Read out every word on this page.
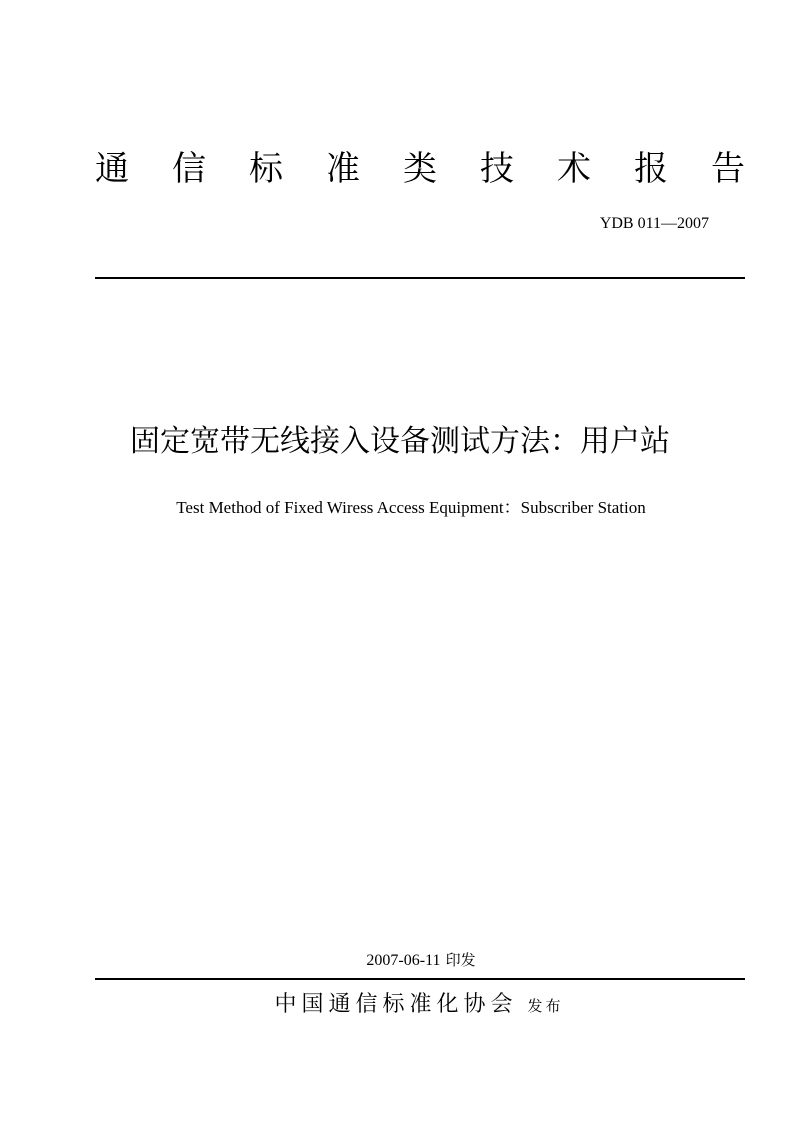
通 信 标 准 类 技 术 报 告
YDB 011—2007
固定宽带无线接入设备测试方法：用户站
Test Method of Fixed Wiress Access Equipment：Subscriber Station
2007-06-11 印发
中国通信标准化协会 发布
